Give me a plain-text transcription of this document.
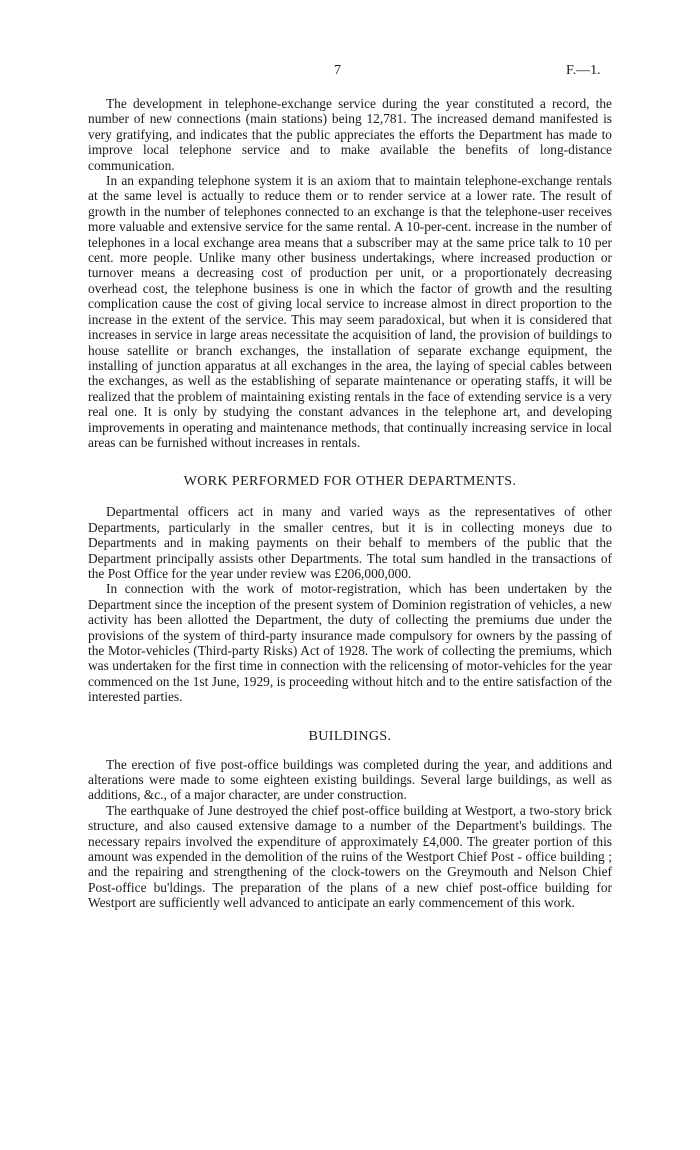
7	F.—1.

The development in telephone-exchange service during the year constituted a record, the number of new connections (main stations) being 12,781. The increased demand manifested is very gratifying, and indicates that the public appreciates the efforts the Department has made to improve local telephone service and to make available the benefits of long-distance communication.

In an expanding telephone system it is an axiom that to maintain telephone-exchange rentals at the same level is actually to reduce them or to render service at a lower rate. The result of growth in the number of telephones connected to an exchange is that the telephone-user receives more valuable and extensive service for the same rental. A 10-per-cent. increase in the number of telephones in a local exchange area means that a subscriber may at the same price talk to 10 per cent. more people. Unlike many other business undertakings, where increased production or turnover means a decreasing cost of production per unit, or a proportionately decreasing overhead cost, the telephone business is one in which the factor of growth and the resulting complication cause the cost of giving local service to increase almost in direct proportion to the increase in the extent of the service. This may seem paradoxical, but when it is considered that increases in service in large areas necessitate the acquisition of land, the provision of buildings to house satellite or branch exchanges, the installation of separate exchange equipment, the installing of junction apparatus at all exchanges in the area, the laying of special cables between the exchanges, as well as the establishing of separate maintenance or operating staffs, it will be realized that the problem of maintaining existing rentals in the face of extending service is a very real one. It is only by studying the constant advances in the telephone art, and developing improvements in operating and maintenance methods, that continually increasing service in local areas can be furnished without increases in rentals.

WORK PERFORMED FOR OTHER DEPARTMENTS.

Departmental officers act in many and varied ways as the representatives of other Departments, particularly in the smaller centres, but it is in collecting moneys due to Departments and in making payments on their behalf to members of the public that the Department principally assists other Departments. The total sum handled in the transactions of the Post Office for the year under review was £206,000,000.

In connection with the work of motor-registration, which has been undertaken by the Department since the inception of the present system of Dominion registration of vehicles, a new activity has been allotted the Department, the duty of collecting the premiums due under the provisions of the system of third-party insurance made compulsory for owners by the passing of the Motor-vehicles (Third-party Risks) Act of 1928. The work of collecting the premiums, which was undertaken for the first time in connection with the relicensing of motor-vehicles for the year commenced on the 1st June, 1929, is proceeding without hitch and to the entire satisfaction of the interested parties.

BUILDINGS.

The erection of five post-office buildings was completed during the year, and additions and alterations were made to some eighteen existing buildings. Several large buildings, as well as additions, &c., of a major character, are under construction.

The earthquake of June destroyed the chief post-office building at Westport, a two-story brick structure, and also caused extensive damage to a number of the Department's buildings. The necessary repairs involved the expenditure of approximately £4,000. The greater portion of this amount was expended in the demolition of the ruins of the Westport Chief Post - office building ; and the repairing and strengthening of the clock-towers on the Greymouth and Nelson Chief Post-office bu'ldings. The preparation of the plans of a new chief post-office building for Westport are sufficiently well advanced to anticipate an early commencement of this work.
